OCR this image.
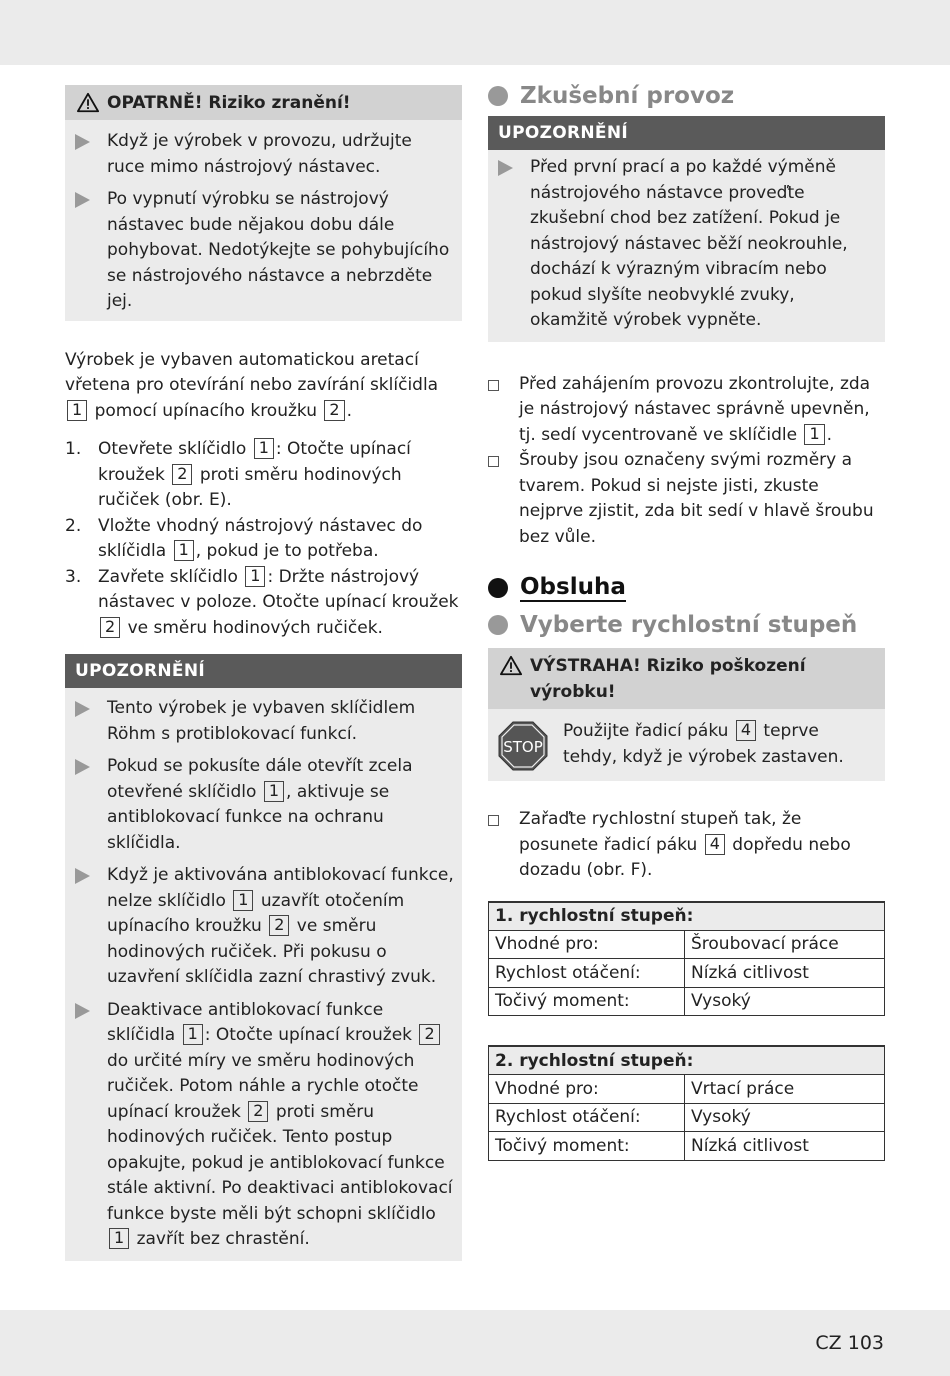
OPATRNĚ! Riziko zranění!
Když je výrobek v provozu, udržujte ruce mimo nástrojový nástavec.
Po vypnutí výrobku se nástrojový nástavec bude nějakou dobu dále pohybovat. Nedotýkejte se pohybujícího se nástrojového nástavce a nebrzděte jej.
Výrobek je vybaven automatickou aretací vřetena pro otevírání nebo zavírání sklíčidla 1 pomocí upínacího kroužku 2 .
1. Otevřete sklíčidlo 1 : Otočte upínací kroužek 2 proti směru hodinových ručiček (obr. E).
2. Vložte vhodný nástrojový nástavec do sklíčidla 1 , pokud je to potřeba.
3. Zavřete sklíčidlo 1 : Držte nástrojový nástavec v poloze. Otočte upínací kroužek 2 ve směru hodinových ručiček.
UPOZORNĚNÍ
Tento výrobek je vybaven sklíčidlem Röhm s protiblokovací funkcí.
Pokud se pokusíte dále otevřít zcela otevřené sklíčidlo 1 , aktivuje se antiblokovací funkce na ochranu sklíčidla.
Když je aktivována antiblokovací funkce, nelze sklíčidlo 1 uzavřít otočením upínacího kroužku 2 ve směru hodinových ručiček. Při pokusu o uzavření sklíčidla zazní chrastivý zvuk.
Deaktivace antiblokovací funkce sklíčidla 1 : Otočte upínací kroužek 2 do určité míry ve směru hodinových ručiček. Potom náhle a rychle otočte upínací kroužek 2 proti směru hodinových ručiček. Tento postup opakujte, pokud je antiblokovací funkce stále aktivní. Po deaktivaci antiblokovací funkce byste měli být schopni sklíčidlo 1 zavřít bez chrastění.
Zkušební provoz
UPOZORNĚNÍ
Před první prací a po každé výměně nástrojového nástavce proveďte zkušební chod bez zatížení. Pokud je nástrojový nástavec běží neokrouhle, dochází k výrazným vibracím nebo pokud slyšíte neobvyklé zvuky, okamžitě výrobek vypněte.
Před zahájením provozu zkontrolujte, zda je nástrojový nástavec správně upevněn, tj. sedí vycentrovaně ve sklíčidle 1 .
Šrouby jsou označeny svými rozměry a tvarem. Pokud si nejste jisti, zkuste nejprve zjistit, zda bit sedí v hlavě šroubu bez vůle.
Obsluha
Vyberte rychlostní stupeň
VÝSTRAHA! Riziko poškození výrobku!
STOP
Použijte řadicí páku 4 teprve tehdy, když je výrobek zastaven.
Zařaďte rychlostní stupeň tak, že posunete řadicí páku 4 dopředu nebo dozadu (obr. F).
1. rychlostní stupeň:	
Vhodné pro:	Šroubovací práce
Rychlost otáčení:	Nízká citlivost
Točivý moment:	Vysoký
2. rychlostní stupeň:	
Vhodné pro:	Vrtací práce
Rychlost otáčení:	Vysoký
Točivý moment:	Nízká citlivost
CZ 103
